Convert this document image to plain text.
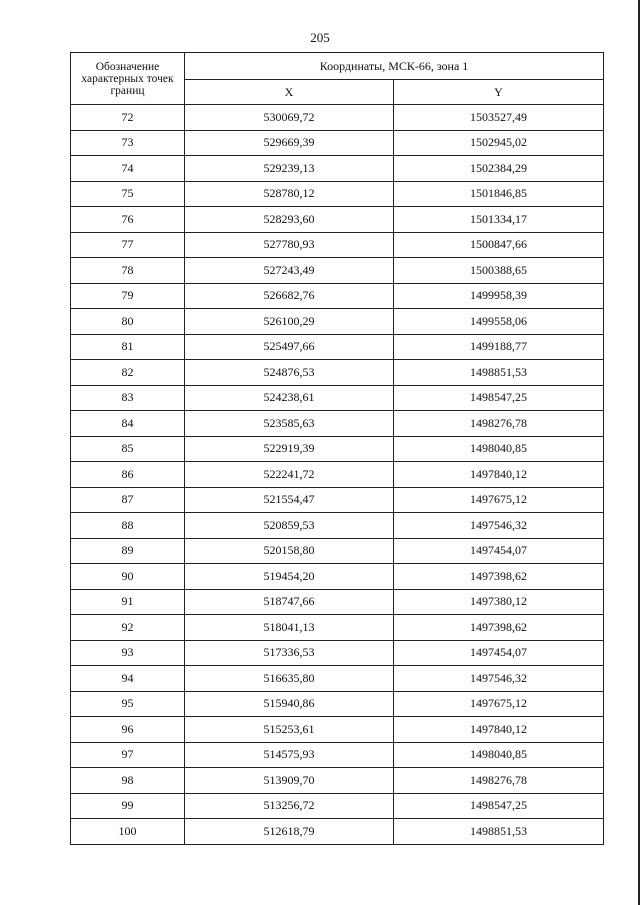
205
Обозначение характерных точек границ	Координаты, МСК-66, зона 1	
	X	Y
72	530069,72	1503527,49
73	529669,39	1502945,02
74	529239,13	1502384,29
75	528780,12	1501846,85
76	528293,60	1501334,17
77	527780,93	1500847,66
78	527243,49	1500388,65
79	526682,76	1499958,39
80	526100,29	1499558,06
81	525497,66	1499188,77
82	524876,53	1498851,53
83	524238,61	1498547,25
84	523585,63	1498276,78
85	522919,39	1498040,85
86	522241,72	1497840,12
87	521554,47	1497675,12
88	520859,53	1497546,32
89	520158,80	1497454,07
90	519454,20	1497398,62
91	518747,66	1497380,12
92	518041,13	1497398,62
93	517336,53	1497454,07
94	516635,80	1497546,32
95	515940,86	1497675,12
96	515253,61	1497840,12
97	514575,93	1498040,85
98	513909,70	1498276,78
99	513256,72	1498547,25
100	512618,79	1498851,53
